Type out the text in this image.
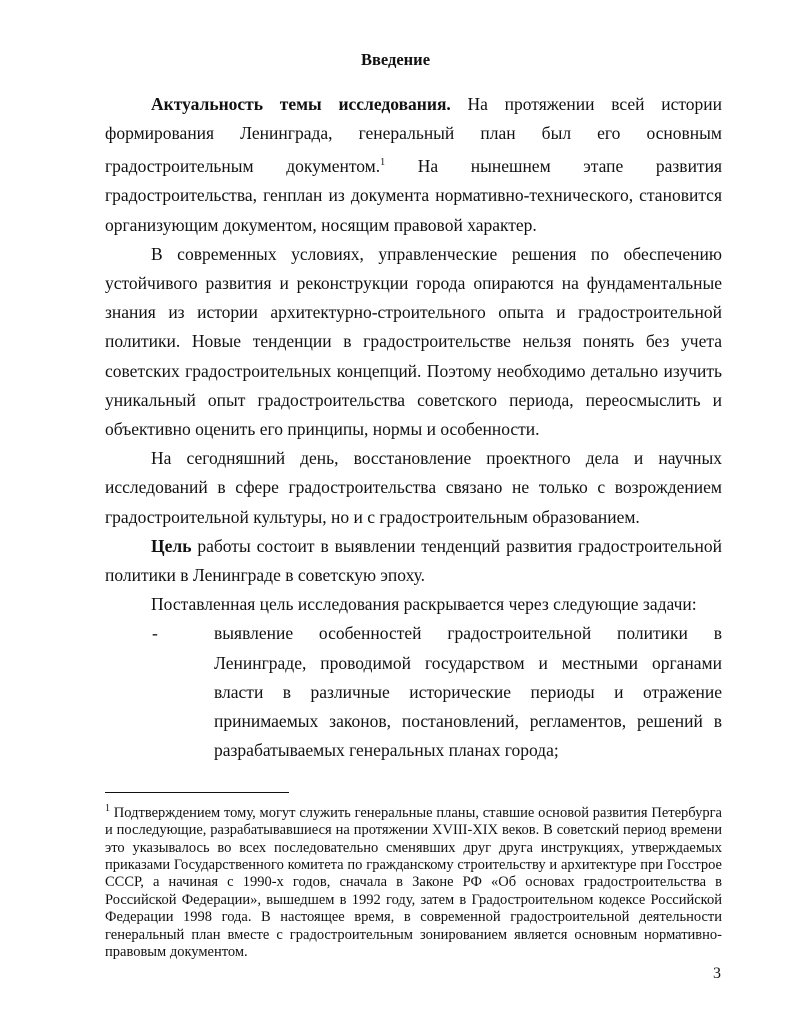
Введение

Актуальность темы исследования. На протяжении всей истории формирования Ленинграда, генеральный план был его основным градостроительным документом.$^1$ На нынешнем этапе развития градостроительства, генплан из документа нормативно-технического, становится организующим документом, носящим правовой характер.

В современных условиях, управленческие решения по обеспечению устойчивого развития и реконструкции города опираются на фундаментальные знания из истории архитектурно-строительного опыта и градостроительной политики. Новые тенденции в градостроительстве нельзя понять без учета советских градостроительных концепций. Поэтому необходимо детально изучить уникальный опыт градостроительства советского периода, переосмыслить и объективно оценить его принципы, нормы и особенности.

На сегодняшний день, восстановление проектного дела и научных исследований в сфере градостроительства связано не только с возрождением градостроительной культуры, но и с градостроительным образованием.

Цель работы состоит в выявлении тенденций развития градостроительной политики в Ленинграде в советскую эпоху.

Поставленная цель исследования раскрывается через следующие задачи:

-	выявление особенностей градостроительной политики в Ленинграде, проводимой государством и местными органами власти в различные исторические периоды и отражение принимаемых законов, постановлений, регламентов, решений в разрабатываемых генеральных планах города;
$^1$ Подтверждением тому, могут служить генеральные планы, ставшие основой развития Петербурга и последующие, разрабатывавшиеся на протяжении XVIII-XIX веков. В советский период времени это указывалось во всех последовательно сменявших друг друга инструкциях, утверждаемых приказами Государственного комитета по гражданскому строительству и архитектуре при Госстрое СССР, а начиная с 1990-х годов, сначала в Законе РФ «Об основах градостроительства в Российской Федерации», вышедшем в 1992 году, затем в Градостроительном кодексе Российской Федерации 1998 года. В настоящее время, в современной градостроительной деятельности генеральный план вместе с градостроительным зонированием является основным нормативно-правовым документом.
3
